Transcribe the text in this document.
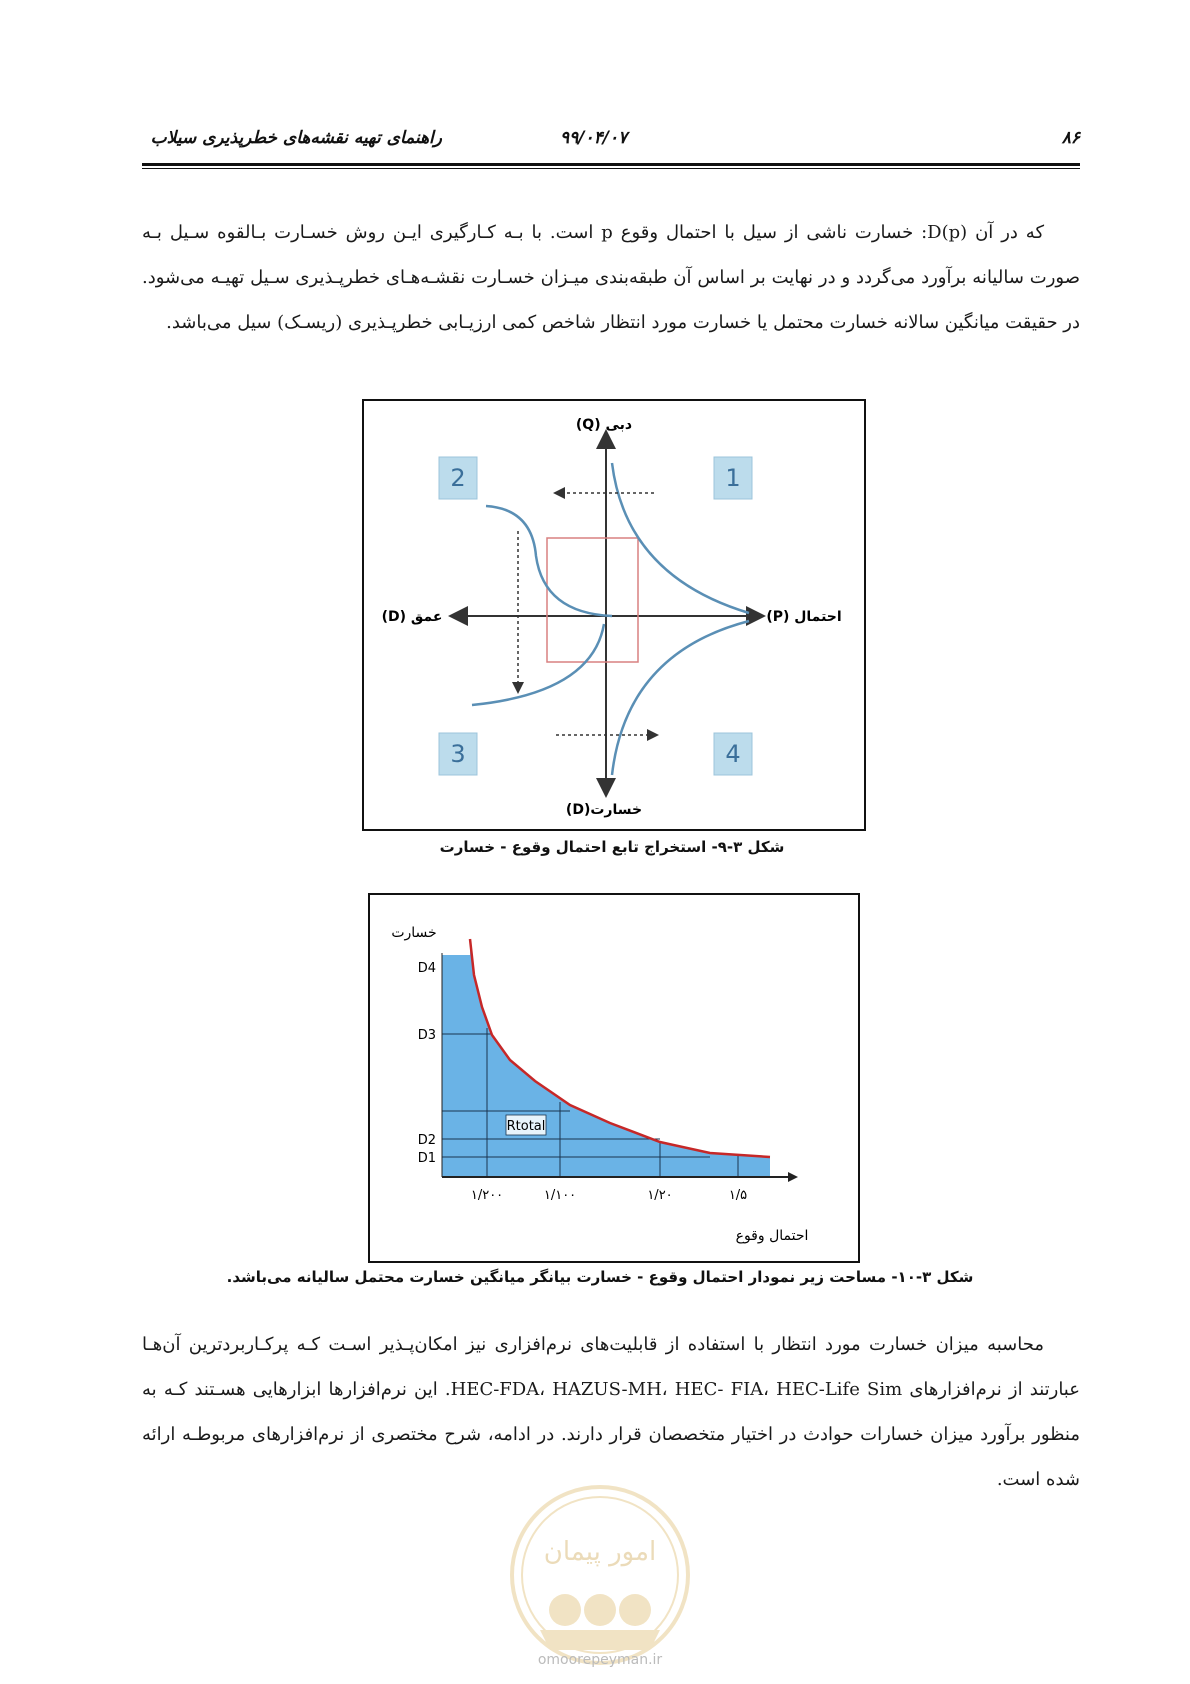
۸۶
۹۹/۰۴/۰۷
راهنمای تهیه نقشه‌های خطرپذیری سیلاب

که در آن D(p): خسارت ناشی از سیل با احتمال وقوع p است. با بـه کـارگیری ایـن روش خسـارت بـالقوه سـیل بـه صورت سالیانه برآورد می‌گردد و در نهایت بر اساس آن طبقه‌بندی میـزان خسـارت نقشـه‌هـای خطرپـذیری سـیل تهیـه می‌شود. در حقیقت میانگین سالانه خسارت محتمل یا خسارت مورد انتظار شاخص کمی ارزیـابی خطرپـذیری (ریسـک) سیل می‌باشد.

1
2
3	4
دبی (Q)
احتمال (P)
عمق (D)
خسارت(D)
شکل ۳-۹- استخراج تابع احتمال وقوع - خسارت
خسارت
احتمال وقوع
D4
D3
D2
D1
۱/۲۰۰	۱/۱۰۰	۱/۲۰	۱/۵
Rtotal
شکل ۳-۱۰- مساحت زیر نمودار احتمال وقوع - خسارت بیانگر میانگین خسارت محتمل سالیانه می‌باشد.

محاسبه میزان خسارت مورد انتظار با استفاده از قابلیت‌های نرم‌افزاری نیز امکان‌پـذیر اسـت کـه پرکـاربردترین آن‌هـا عبارتند از نرم‌افزارهای HEC-FDA، HAZUS-MH، HEC- FIA، HEC-Life Sim. این نرم‌افزارها ابزارهایی هسـتند کـه به منظور برآورد میزان خسارات حوادث در اختیار متخصصان قرار دارند. در ادامه، شرح مختصری از نرم‌افزارهای مربوطـه ارائه شده است.

امور پیمان
omoorepeyman.ir
